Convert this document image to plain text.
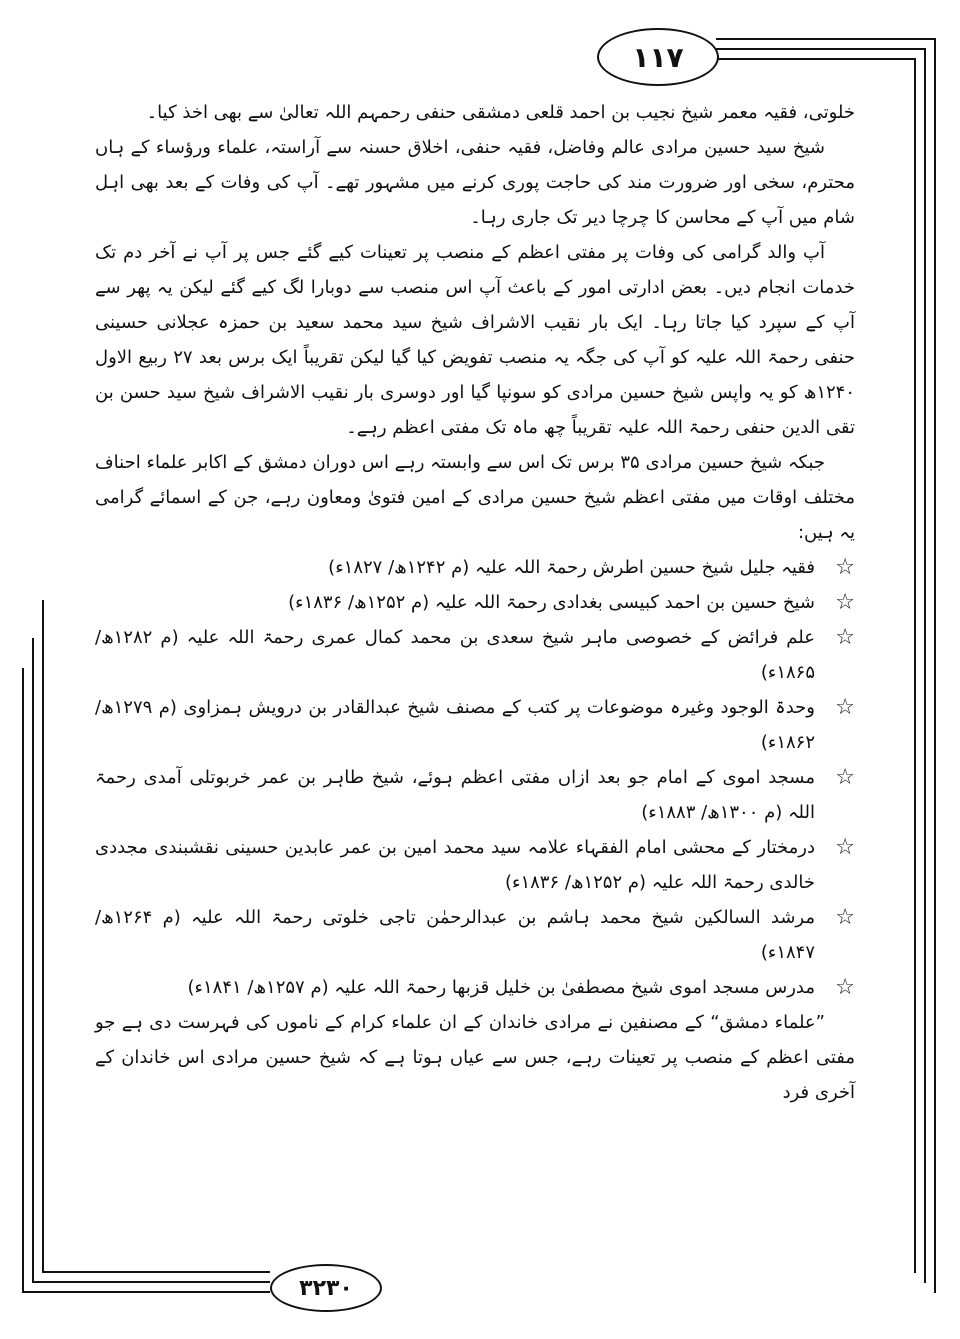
۱۱۷
۳۲۳۰

خلوتی، فقیہ معمر شیخ نجیب بن احمد قلعی دمشقی حنفی رحمہم اللہ تعالیٰ سے بھی اخذ کیا۔

شیخ سید حسین مرادی عالم وفاضل، فقیہ حنفی، اخلاق حسنہ سے آراستہ، علماء ورؤساء کے ہاں محترم، سخی اور ضرورت مند کی حاجت پوری کرنے میں مشہور تھے۔ آپ کی وفات کے بعد بھی اہل شام میں آپ کے محاسن کا چرچا دیر تک جاری رہا۔

آپ والد گرامی کی وفات پر مفتی اعظم کے منصب پر تعینات کیے گئے جس پر آپ نے آخر دم تک خدمات انجام دیں۔ بعض ادارتی امور کے باعث آپ اس منصب سے دوبارا لگ کیے گئے لیکن یہ پھر سے آپ کے سپرد کیا جاتا رہا۔ ایک بار نقیب الاشراف شیخ سید محمد سعید بن حمزہ عجلانی حسینی حنفی رحمۃ اللہ علیہ کو آپ کی جگہ یہ منصب تفویض کیا گیا لیکن تقریباً ایک برس بعد ۲۷ ربیع الاول ۱۲۴۰ھ کو یہ واپس شیخ حسین مرادی کو سونپا گیا اور دوسری بار نقیب الاشراف شیخ سید حسن بن تقی الدین حنفی رحمۃ اللہ علیہ تقریباً چھ ماہ تک مفتی اعظم رہے۔

جبکہ شیخ حسین مرادی ۳۵ برس تک اس سے وابستہ رہے اس دوران دمشق کے اکابر علماء احناف مختلف اوقات میں مفتی اعظم شیخ حسین مرادی کے امین فتویٰ ومعاون رہے، جن کے اسمائے گرامی یہ ہیں:

☆
فقیہ جلیل شیخ حسین اطرش رحمۃ اللہ علیہ (م ۱۲۴۲ھ/ ۱۸۲۷ء)
☆
شیخ حسین بن احمد کبیسی بغدادی رحمۃ اللہ علیہ (م ۱۲۵۲ھ/ ۱۸۳۶ء)
☆
علم فرائض کے خصوصی ماہر شیخ سعدی بن محمد کمال عمری رحمۃ اللہ علیہ (م ۱۲۸۲ھ/ ۱۸۶۵ء)
☆
وحدۃ الوجود وغیرہ موضوعات پر کتب کے مصنف شیخ عبدالقادر بن درویش ہمزاوی (م ۱۲۷۹ھ/ ۱۸۶۲ء)
☆
مسجد اموی کے امام جو بعد ازاں مفتی اعظم ہوئے، شیخ طاہر بن عمر خربوتلی آمدی رحمۃ اللہ (م ۱۳۰۰ھ/ ۱۸۸۳ء)
☆
درمختار کے محشی امام الفقہاء علامہ سید محمد امین بن عمر عابدین حسینی نقشبندی مجددی خالدی رحمۃ اللہ علیہ (م ۱۲۵۲ھ/ ۱۸۳۶ء)
☆
مرشد السالکین شیخ محمد ہاشم بن عبدالرحمٰن تاجی خلوتی رحمۃ اللہ علیہ (م ۱۲۶۴ھ/ ۱۸۴۷ء)
☆
مدرس مسجد اموی شیخ مصطفیٰ بن خلیل قزبھا رحمۃ اللہ علیہ (م ۱۲۵۷ھ/ ۱۸۴۱ء)

”علماء دمشق“ کے مصنفین نے مرادی خاندان کے ان علماء کرام کے ناموں کی فہرست دی ہے جو مفتی اعظم کے منصب پر تعینات رہے، جس سے عیاں ہوتا ہے کہ شیخ حسین مرادی اس خاندان کے آخری فرد
